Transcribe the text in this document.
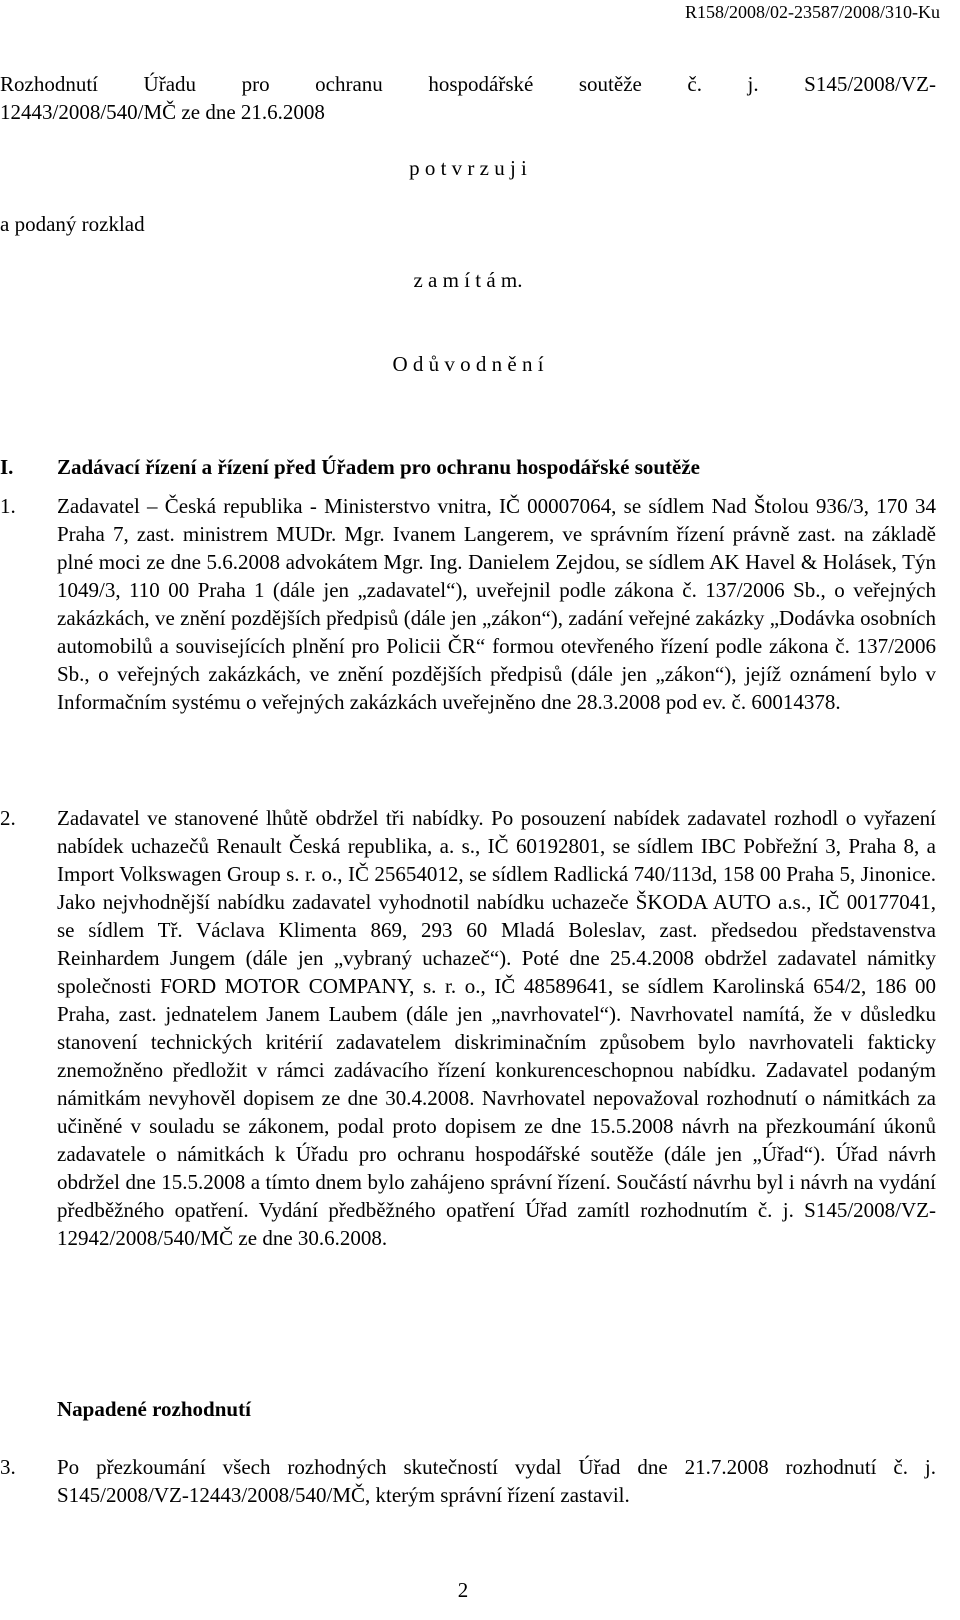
R158/2008/02-23587/2008/310-Ku
Rozhodnutí Úřadu pro ochranu hospodářské soutěže č. j. S145/2008/VZ-
12443/2008/540/MČ ze dne 21.6.2008
p o t v r z u j i
a podaný rozklad
z a m í t á m.
O d ů v o d n ě n í
I. Zadávací řízení a řízení před Úřadem pro ochranu hospodářské soutěže
1. Zadavatel – Česká republika - Ministerstvo vnitra, IČ 00007064, se sídlem Nad Štolou 936/3, 170 34 Praha 7, zast. ministrem MUDr. Mgr. Ivanem Langerem, ve správním řízení právně zast. na základě plné moci ze dne 5.6.2008 advokátem Mgr. Ing. Danielem Zejdou, se sídlem AK Havel & Holásek, Týn 1049/3, 110 00 Praha 1 (dále jen „zadavatel“), uveřejnil podle zákona č. 137/2006 Sb., o veřejných zakázkách, ve znění pozdějších předpisů (dále jen „zákon“), zadání veřejné zakázky „Dodávka osobních automobilů a souvisejících plnění pro Policii ČR“ formou otevřeného řízení podle zákona č. 137/2006 Sb., o veřejných zakázkách, ve znění pozdějších předpisů (dále jen „zákon“), jejíž oznámení bylo v Informačním systému o veřejných zakázkách uveřejněno dne 28.3.2008 pod ev. č. 60014378.
2. Zadavatel ve stanovené lhůtě obdržel tři nabídky. Po posouzení nabídek zadavatel rozhodl o vyřazení nabídek uchazečů Renault Česká republika, a. s., IČ 60192801, se sídlem IBC Pobřežní 3, Praha 8, a Import Volkswagen Group s. r. o., IČ 25654012, se sídlem Radlická 740/113d, 158 00 Praha 5, Jinonice. Jako nejvhodnější nabídku zadavatel vyhodnotil nabídku uchazeče ŠKODA AUTO a.s., IČ 00177041, se sídlem Tř. Václava Klimenta 869, 293 60 Mladá Boleslav, zast. předsedou představenstva Reinhardem Jungem (dále jen „vybraný uchazeč“). Poté dne 25.4.2008 obdržel zadavatel námitky společnosti FORD MOTOR COMPANY, s. r. o., IČ 48589641, se sídlem Karolinská 654/2, 186 00 Praha, zast. jednatelem Janem Laubem (dále jen „navrhovatel“). Navrhovatel namítá, že v důsledku stanovení technických kritérií zadavatelem diskriminačním způsobem bylo navrhovateli fakticky znemožněno předložit v rámci zadávacího řízení konkurenceschopnou nabídku. Zadavatel podaným námitkám nevyhověl dopisem ze dne 30.4.2008. Navrhovatel nepovažoval rozhodnutí o námitkách za učiněné v souladu se zákonem, podal proto dopisem ze dne 15.5.2008 návrh na přezkoumání úkonů zadavatele o námitkách k Úřadu pro ochranu hospodářské soutěže (dále jen „Úřad“). Úřad návrh obdržel dne 15.5.2008 a tímto dnem bylo zahájeno správní řízení. Součástí návrhu byl i návrh na vydání předběžného opatření. Vydání předběžného opatření Úřad zamítl rozhodnutím č. j. S145/2008/VZ-12942/2008/540/MČ ze dne 30.6.2008.
Napadené rozhodnutí
3. Po přezkoumání všech rozhodných skutečností vydal Úřad dne 21.7.2008 rozhodnutí č. j. S145/2008/VZ-12443/2008/540/MČ, kterým správní řízení zastavil.
2
